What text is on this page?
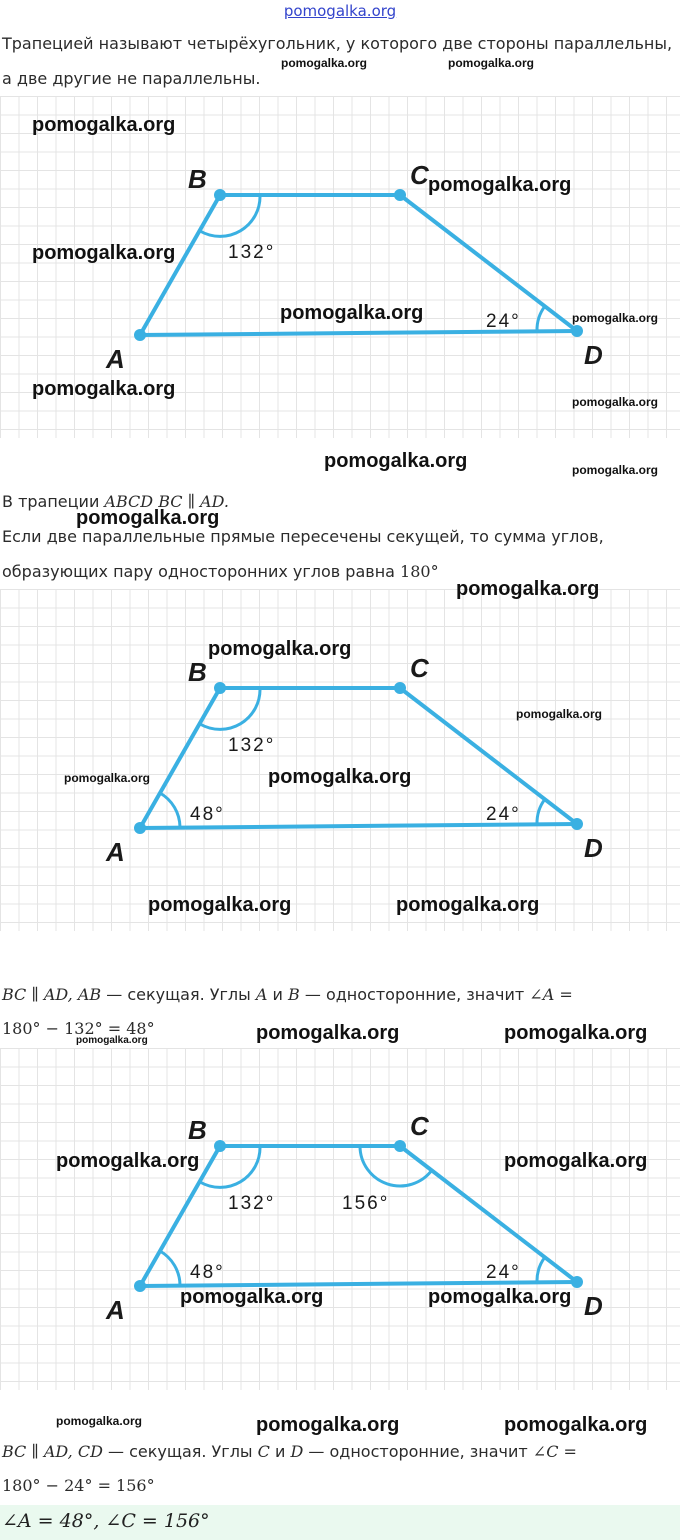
pomogalka.org
Трапецией называют четырёхугольник, у которого две стороны параллельны,
а две другие не параллельны.
A
B	C
D
132°
24°
В трапеции ABCD BC ∥ AD.
Если две параллельные прямые пересечены секущей, то сумма углов,
образующих пару односторонних углов равна 180°
A
B	C
D
132°
24°
48°
BC ∥ AD, AB — секущая. Углы A и B — односторонние, значит ∠A =
180° − 132° = 48°
A
B	C
D
132°
24°
48°
156°
BC ∥ AD, CD — секущая. Углы C и D — односторонние, значит ∠C =
180° − 24° = 156°
∠A = 48°, ∠C = 156°
pomogalka.org	pomogalka.org
pomogalka.org
pomogalka.org
pomogalka.org
pomogalka.org	pomogalka.org
pomogalka.org
pomogalka.org
pomogalka.org	pomogalka.org
pomogalka.org
pomogalka.org
pomogalka.org
pomogalka.org
pomogalka.org	pomogalka.org
pomogalka.org	pomogalka.org
pomogalka.org	pomogalka.org
pomogalka.org
pomogalka.org	pomogalka.org
pomogalka.org	pomogalka.org
pomogalka.org	pomogalka.org	pomogalka.org
